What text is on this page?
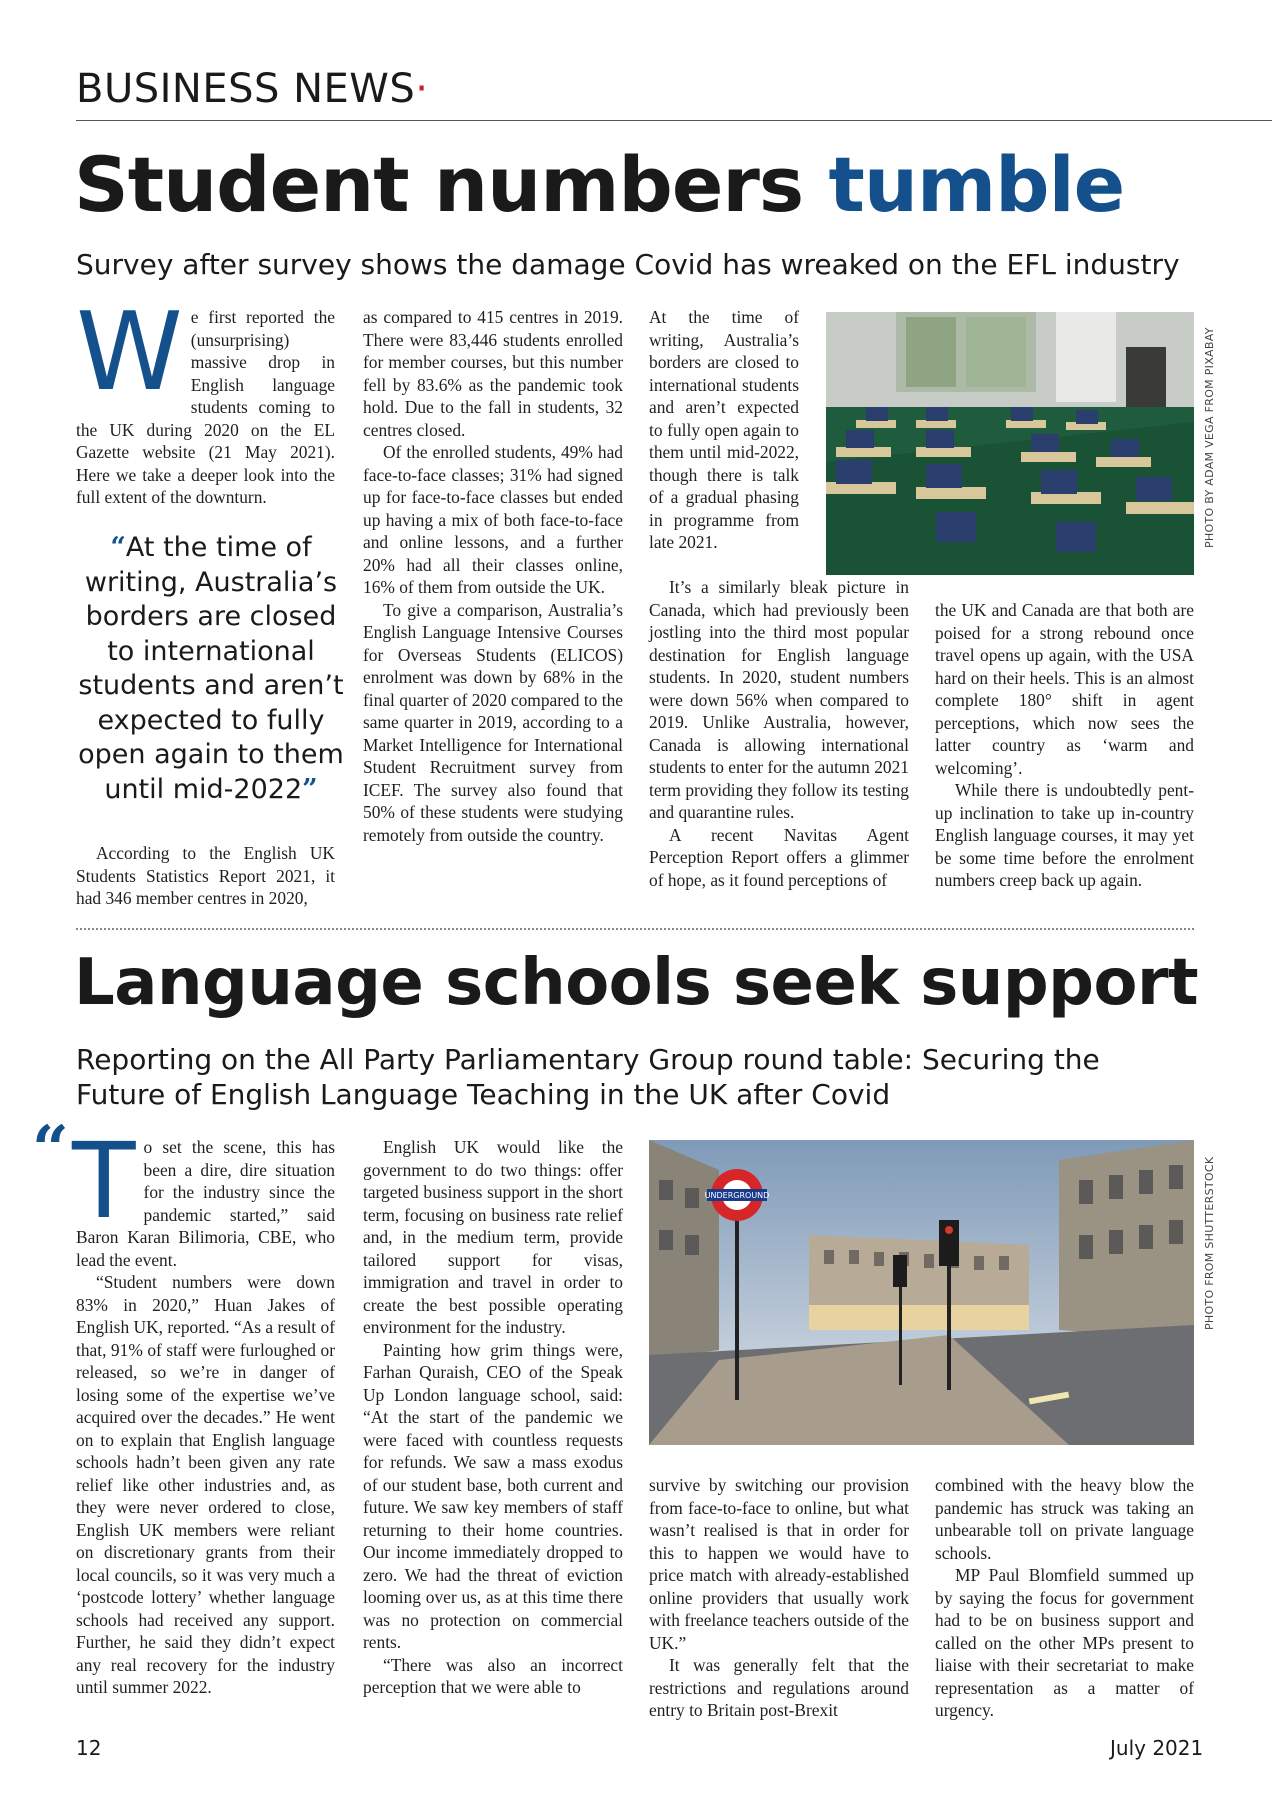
BUSINESS NEWS·
Student numbers tumble
Survey after survey shows the damage Covid has wreaked on the EFL industry
W e first reported the (unsurprising) massive drop in English language students coming to the UK during 2020 on the EL Gazette website (21 May 2021). Here we take a deeper look into the full extent of the downturn.

“At the time of writing, Australia’s borders are closed to international students and aren’t expected to fully open again to them until mid-2022”

According to the English UK Students Statistics Report 2021, it had 346 member centres in 2020,

as compared to 415 centres in 2019. There were 83,446 students enrolled for member courses, but this number fell by 83.6% as the pandemic took hold. Due to the fall in students, 32 centres closed.

Of the enrolled students, 49% had face-to-face classes; 31% had signed up for face-to-face classes but ended up having a mix of both face-to-face and online lessons, and a further 20% had all their classes online, 16% of them from outside the UK.

To give a comparison, Australia’s English Language Intensive Courses for Overseas Students (ELICOS) enrolment was down by 68% in the final quarter of 2020 compared to the same quarter in 2019, according to a Market Intelligence for International Student Recruitment survey from ICEF. The survey also found that 50% of these students were studying remotely from outside the country.

At the time of writing, Australia’s borders are closed to international students and aren’t expected to fully open again to them until mid-2022, though there is talk of a gradual phasing in programme from late 2021.

It’s a similarly bleak picture in Canada, which had previously been jostling into the third most popular destination for English language students. In 2020, student numbers were down 56% when compared to 2019. Unlike Australia, however, Canada is allowing international students to enter for the autumn 2021 term providing they follow its testing and quarantine rules.

A recent Navitas Agent Perception Report offers a glimmer of hope, as it found perceptions of

PHOTO BY ADAM VEGA FROM PIXABAY

the UK and Canada are that both are poised for a strong rebound once travel opens up again, with the USA hard on their heels. This is an almost complete 180° shift in agent perceptions, which now sees the latter country as ‘warm and welcoming’.

While there is undoubtedly pent-up inclination to take up in-country English language courses, it may yet be some time before the enrolment numbers creep back up again.

Language schools seek support
Reporting on the All Party Parliamentary Group round table: Securing the
Future of English Language Teaching in the UK after Covid
“ T o set the scene, this has been a dire, dire situation for the industry since the pandemic started,” said Baron Karan Bilimoria, CBE, who lead the event.

“Student numbers were down 83% in 2020,” Huan Jakes of English UK, reported. “As a result of that, 91% of staff were furloughed or released, so we’re in danger of losing some of the expertise we’ve acquired over the decades.” He went on to explain that English language schools hadn’t been given any rate relief like other industries and, as they were never ordered to close, English UK members were reliant on discretionary grants from their local councils, so it was very much a ‘postcode lottery’ whether language schools had received any support. Further, he said they didn’t expect any real recovery for the industry until summer 2022.

English UK would like the government to do two things: offer targeted business support in the short term, focusing on business rate relief and, in the medium term, provide tailored support for visas, immigration and travel in order to create the best possible operating environment for the industry.

Painting how grim things were, Farhan Quraish, CEO of the Speak Up London language school, said: “At the start of the pandemic we were faced with countless requests for refunds. We saw a mass exodus of our student base, both current and future. We saw key members of staff returning to their home countries. Our income immediately dropped to zero. We had the threat of eviction looming over us, as at this time there was no protection on commercial rents.

“There was also an incorrect perception that we were able to

UNDERGROUND	PHOTO FROM SHUTTERSTOCK

survive by switching our provision from face-to-face to online, but what wasn’t realised is that in order for this to happen we would have to price match with already-established online providers that usually work with freelance teachers outside of the UK.”

It was generally felt that the restrictions and regulations around entry to Britain post-Brexit

combined with the heavy blow the pandemic has struck was taking an unbearable toll on private language schools.

MP Paul Blomfield summed up by saying the focus for government had to be on business support and called on the other MPs present to liaise with their secretariat to make representation as a matter of urgency.

12	July 2021
